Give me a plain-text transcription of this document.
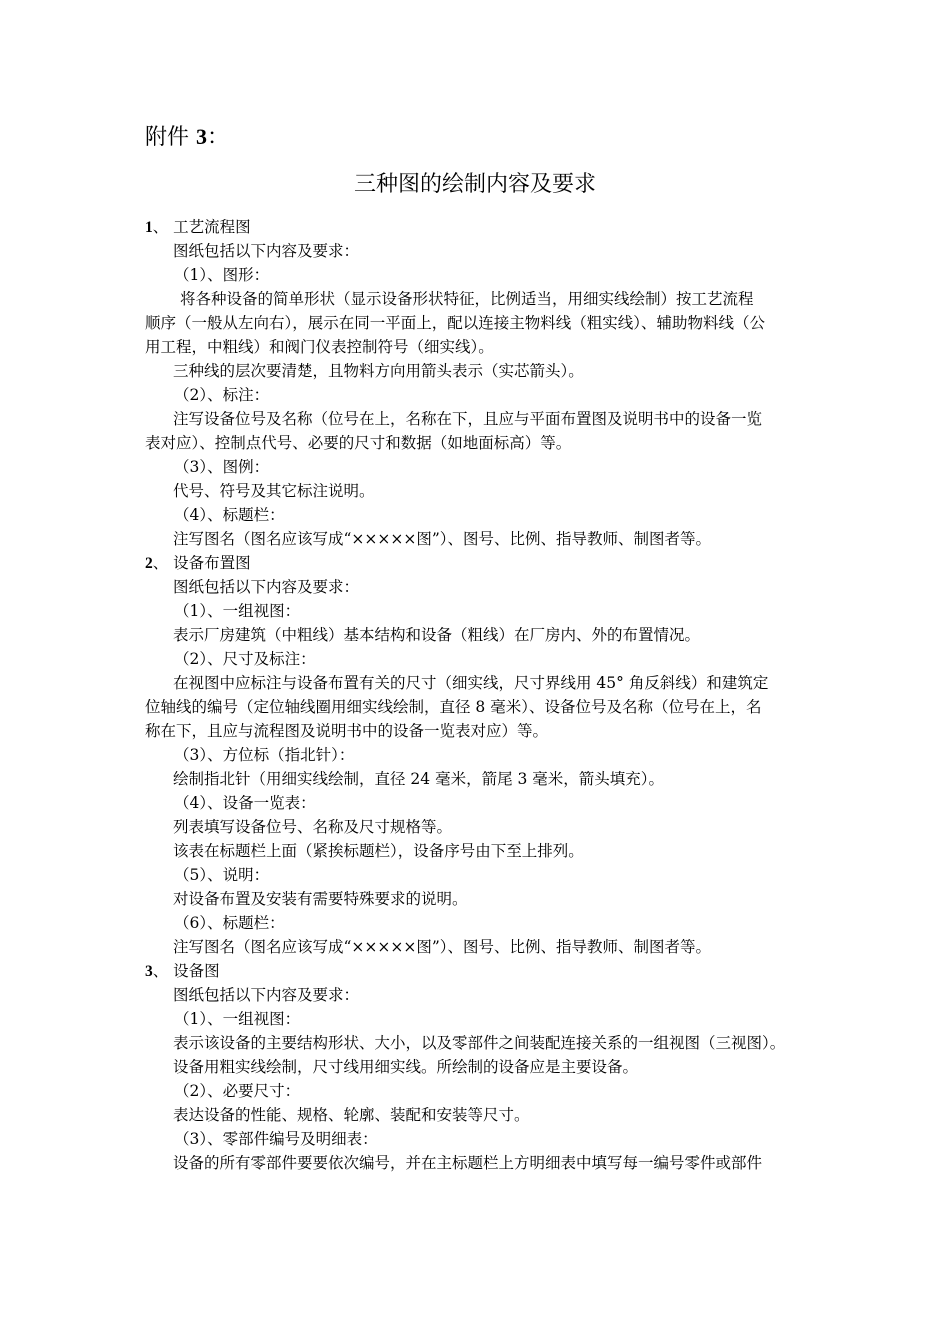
附件 3：
三种图的绘制内容及要求
1、 工艺流程图
图纸包括以下内容及要求：
（1）、图形：
将各种设备的简单形状（显示设备形状特征，比例适当，用细实线绘制）按工艺流程
顺序（一般从左向右），展示在同一平面上，配以连接主物料线（粗实线）、辅助物料线（公
用工程，中粗线）和阀门仪表控制符号（细实线）。
三种线的层次要清楚，且物料方向用箭头表示（实芯箭头）。
（2）、标注：
注写设备位号及名称（位号在上，名称在下，且应与平面布置图及说明书中的设备一览
表对应）、控制点代号、必要的尺寸和数据（如地面标高）等。
（3）、图例：
代号、符号及其它标注说明。
（4）、标题栏：
注写图名（图名应该写成“×××××图”）、图号、比例、指导教师、制图者等。
2、 设备布置图
图纸包括以下内容及要求：
（1）、一组视图：
表示厂房建筑（中粗线）基本结构和设备（粗线）在厂房内、外的布置情况。
（2）、尺寸及标注：
在视图中应标注与设备布置有关的尺寸（细实线，尺寸界线用 45° 角反斜线）和建筑定
位轴线的编号（定位轴线圈用细实线绘制，直径 8 毫米）、设备位号及名称（位号在上，名
称在下，且应与流程图及说明书中的设备一览表对应）等。
（3）、方位标（指北针）：
绘制指北针（用细实线绘制，直径 24 毫米，箭尾 3 毫米，箭头填充）。
（4）、设备一览表：
列表填写设备位号、名称及尺寸规格等。
该表在标题栏上面（紧挨标题栏），设备序号由下至上排列。
（5）、说明：
对设备布置及安装有需要特殊要求的说明。
（6）、标题栏：
注写图名（图名应该写成“×××××图”）、图号、比例、指导教师、制图者等。
3、 设备图
图纸包括以下内容及要求：
（1）、一组视图：
表示该设备的主要结构形状、大小，以及零部件之间装配连接关系的一组视图（三视图）。
设备用粗实线绘制，尺寸线用细实线。所绘制的设备应是主要设备。
（2）、必要尺寸：
表达设备的性能、规格、轮廓、装配和安装等尺寸。
（3）、零部件编号及明细表：
设备的所有零部件要要依次编号，并在主标题栏上方明细表中填写每一编号零件或部件
